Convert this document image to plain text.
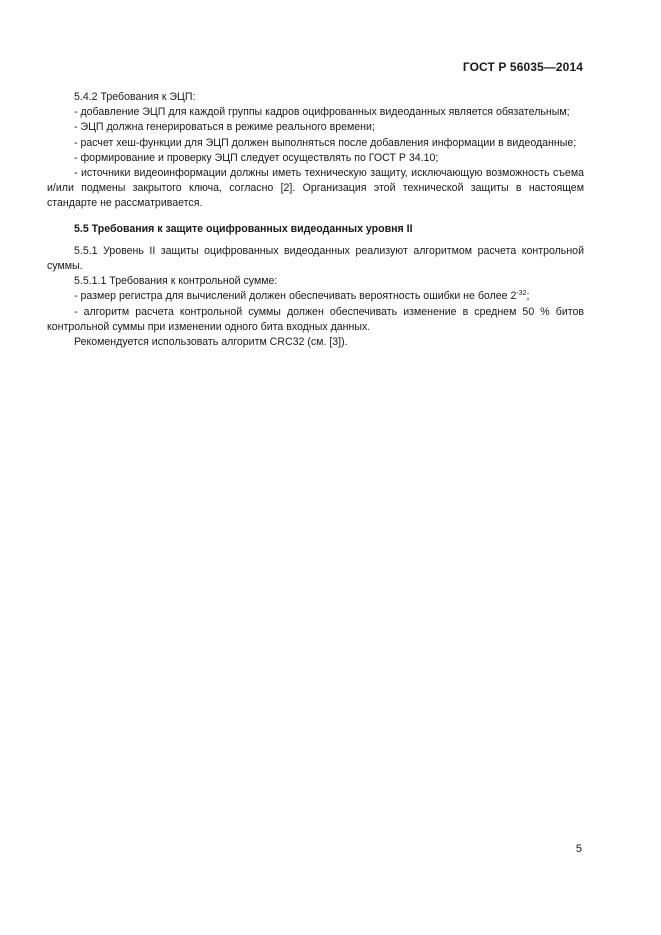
ГОСТ Р 56035—2014

5.4.2 Требования к ЭЦП:

- добавление ЭЦП для каждой группы кадров оцифрованных видеоданных является обязательным;

- ЭЦП должна генерироваться в режиме реального времени;

- расчет хеш-функции для ЭЦП должен выполняться после добавления информации в видеоданные;

- формирование и проверку ЭЦП следует осуществлять по ГОСТ Р 34.10;

- источники видеоинформации должны иметь техническую защиту, исключающую возможность съема и/или подмены закрытого ключа, согласно [2]. Организация этой технической защиты в настоящем стандарте не рассматривается.

5.5 Требования к защите оцифрованных видеоданных уровня II

5.5.1 Уровень II защиты оцифрованных видеоданных реализуют алгоритмом расчета контрольной суммы.

5.5.1.1 Требования к контрольной сумме:

- размер регистра для вычислений должен обеспечивать вероятность ошибки не более $2^{-32}$;

- алгоритм расчета контрольной суммы должен обеспечивать изменение в среднем 50 % битов контрольной суммы при изменении одного бита входных данных.

Рекомендуется использовать алгоритм CRC32 (см. [3]).

5
